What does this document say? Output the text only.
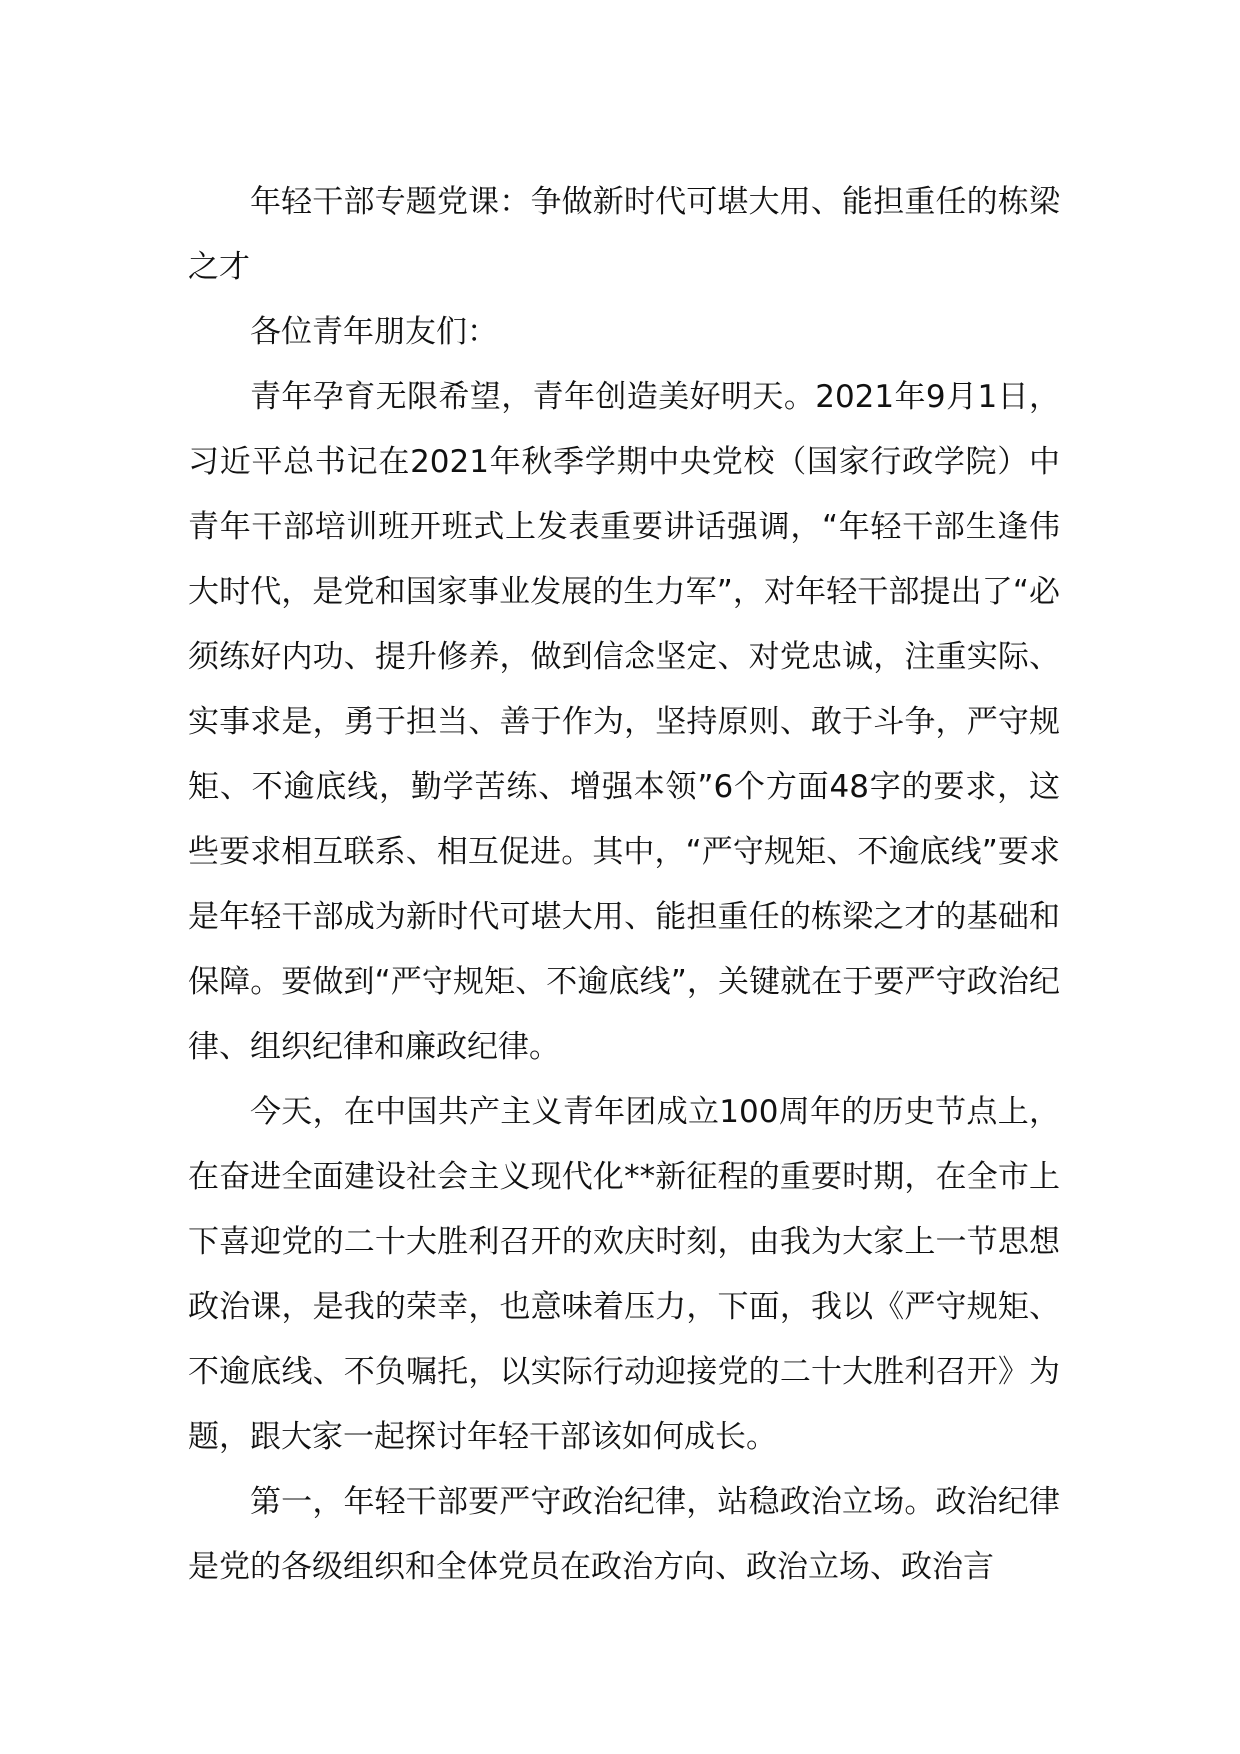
年轻干部专题党课：争做新时代可堪大用、能担重任的栋梁之才

各位青年朋友们：

青年孕育无限希望，青年创造美好明天。2021年9月1日，习近平总书记在2021年秋季学期中央党校（国家行政学院）中青年干部培训班开班式上发表重要讲话强调，“年轻干部生逢伟大时代，是党和国家事业发展的生力军”，对年轻干部提出了“必须练好内功、提升修养，做到信念坚定、对党忠诚，注重实际、实事求是，勇于担当、善于作为，坚持原则、敢于斗争，严守规矩、不逾底线，勤学苦练、增强本领”6个方面48字的要求，这些要求相互联系、相互促进。其中，“严守规矩、不逾底线”要求是年轻干部成为新时代可堪大用、能担重任的栋梁之才的基础和保障。要做到“严守规矩、不逾底线”，关键就在于要严守政治纪律、组织纪律和廉政纪律。

今天，在中国共产主义青年团成立100周年的历史节点上，在奋进全面建设社会主义现代化**新征程的重要时期，在全市上下喜迎党的二十大胜利召开的欢庆时刻，由我为大家上一节思想政治课，是我的荣幸，也意味着压力，下面，我以《严守规矩、不逾底线、不负嘱托，以实际行动迎接党的二十大胜利召开》为题，跟大家一起探讨年轻干部该如何成长。

第一，年轻干部要严守政治纪律，站稳政治立场。政治纪律是党的各级组织和全体党员在政治方向、政治立场、政治言
